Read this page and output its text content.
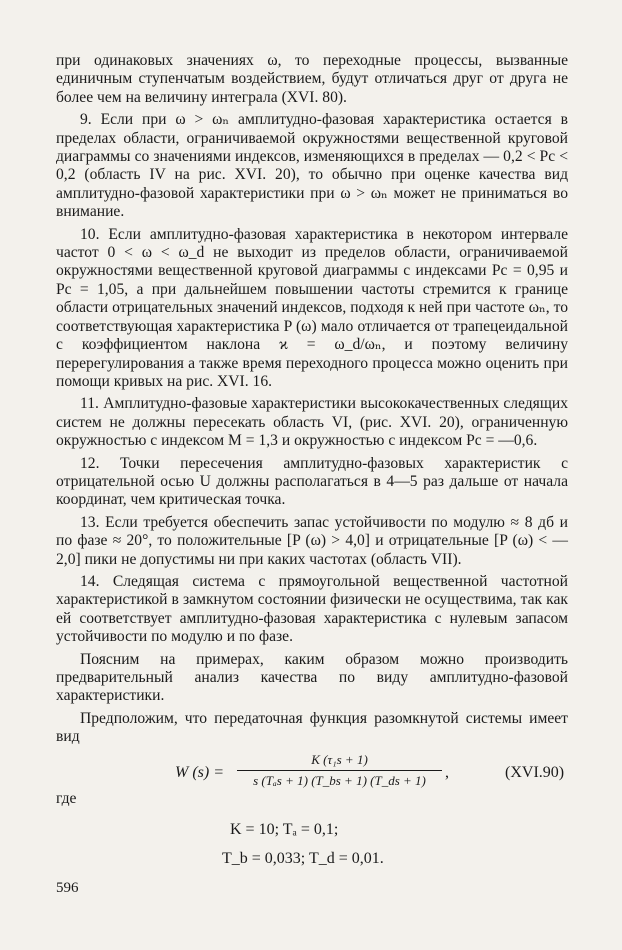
при одинаковых значениях ω, то переходные процессы, вызванные единичным ступенчатым воздействием, будут отличаться друг от друга не более чем на величину интеграла (XVI. 80).

9. Если при ω > ωₙ амплитудно-фазовая характеристика остается в пределах области, ограничиваемой окружностями вещественной круговой диаграммы со значениями индексов, изменяющихся в пределах — 0,2 < Pc < 0,2 (область IV на рис. XVI. 20), то обычно при оценке качества вид амплитудно-фазовой характеристики при ω > ωₙ может не приниматься во внимание.

10. Если амплитудно-фазовая характеристика в некотором интервале частот 0 < ω < ω_d не выходит из пределов области, ограничиваемой окружностями вещественной круговой диаграммы с индексами Pc = 0,95 и Pc = 1,05, а при дальнейшем повышении частоты стремится к границе области отрицательных значений индексов, подходя к ней при частоте ωₙ, то соответствующая характеристика P (ω) мало отличается от трапецеидальной с коэффициентом наклона ϰ = ω_d/ωₙ, и поэтому величину перерегулирования а также время переходного процесса можно оценить при помощи кривых на рис. XVI. 16.

11. Амплитудно-фазовые характеристики высококачественных следящих систем не должны пересекать область VI, (рис. XVI. 20), ограниченную окружностью с индексом M = 1,3 и окружностью с индексом Pc = —0,6.

12. Точки пересечения амплитудно-фазовых характеристик с отрицательной осью U должны располагаться в 4—5 раз дальше от начала координат, чем критическая точка.

13. Если требуется обеспечить запас устойчивости по модулю ≈ 8 дб и по фазе ≈ 20°, то положительные [P (ω) > 4,0] и отрицательные [P (ω) < —2,0] пики не допустимы ни при каких частотах (область VII).

14. Следящая система с прямоугольной вещественной частотной характеристикой в замкнутом состоянии физически не осуществима, так как ей соответствует амплитудно-фазовая характеристика с нулевым запасом устойчивости по модулю и по фазе.

Поясним на примерах, каким образом можно производить предварительный анализ качества по виду амплитудно-фазовой характеристики.

Предположим, что передаточная функция разомкнутой системы имеет вид

W (s) =
K (τ₁s + 1)
s (Tₐs + 1) (T_bs + 1) (T_ds + 1)	,	(XVI.90)
где
K = 10; Tₐ = 0,1;
T_b = 0,033; T_d = 0,01.
596
